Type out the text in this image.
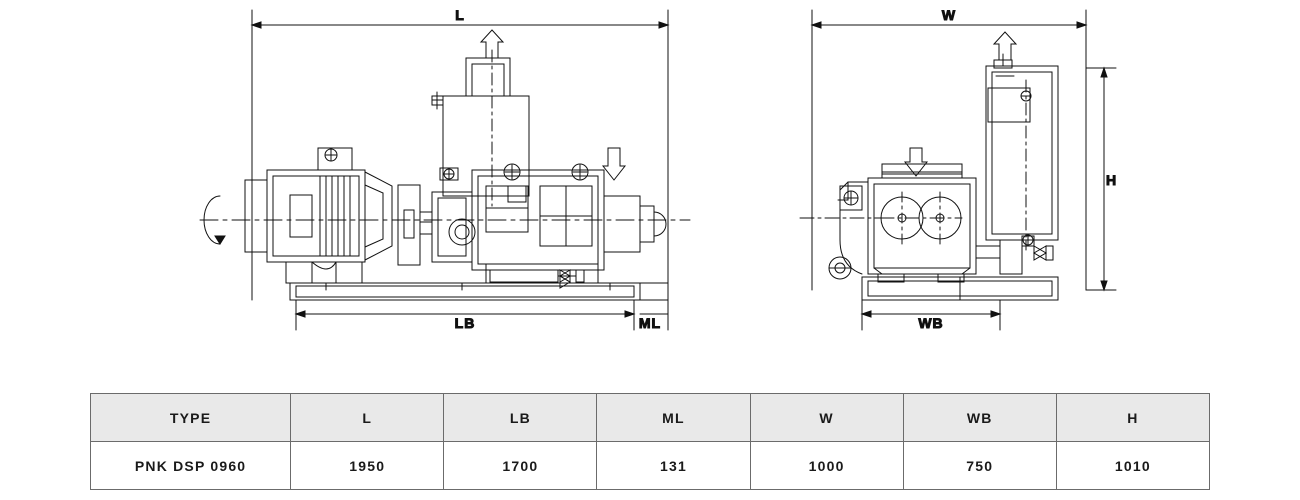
L
LB	ML
W
H
WB
TYPE	L	LB	ML	W	WB	H
PNK DSP 0960	1950	1700	131	1000	750	1010
